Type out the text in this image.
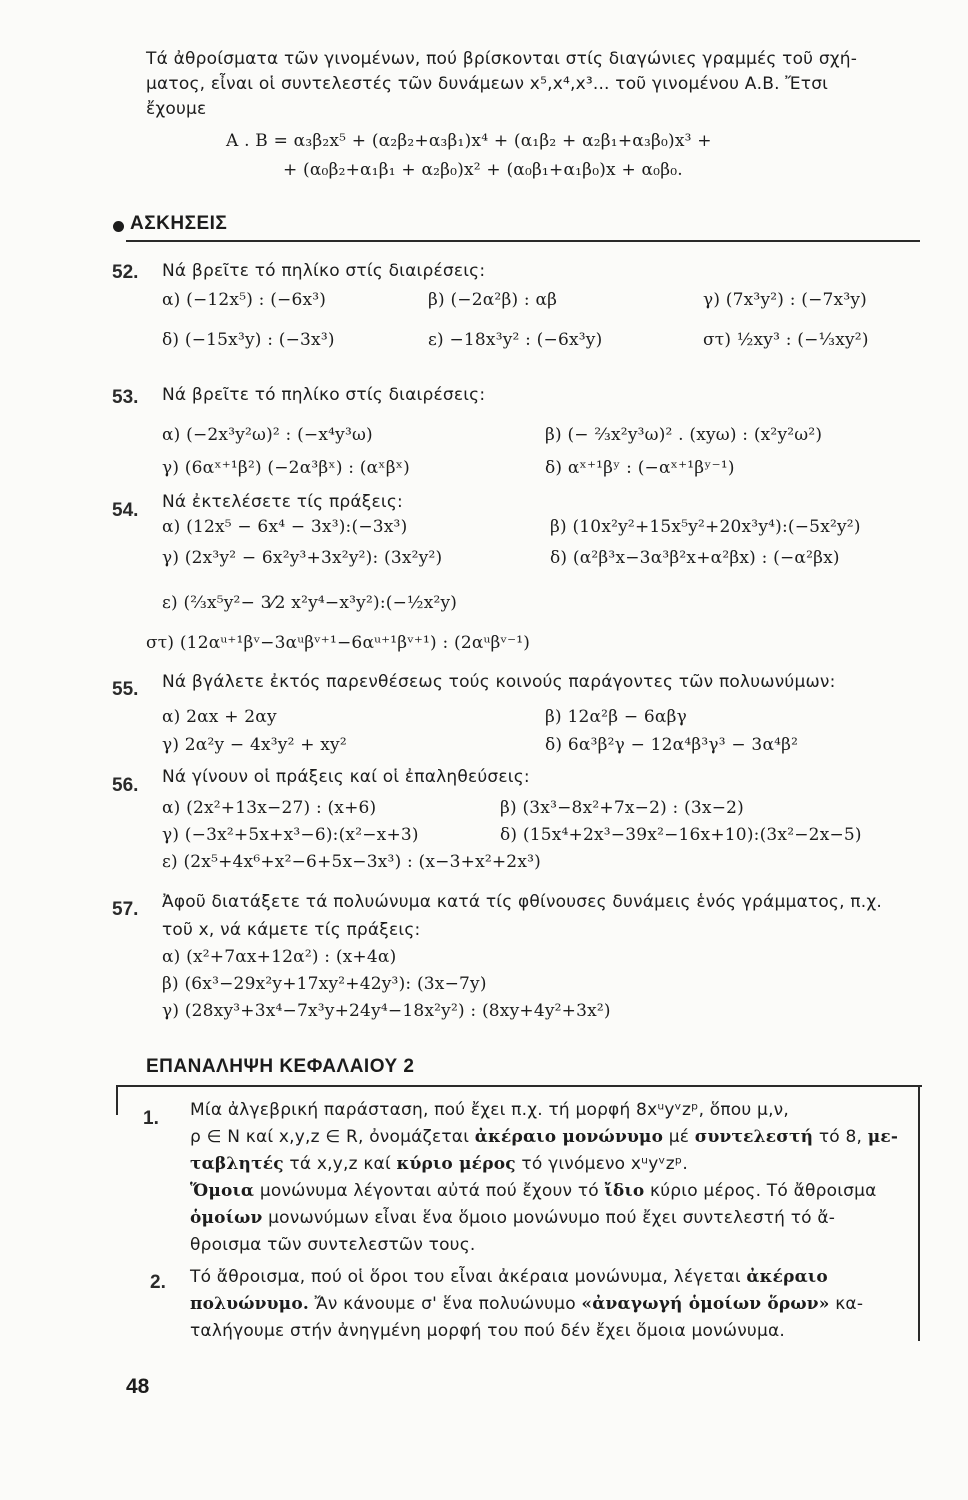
Τά ἀθροίσματα τῶν γινομένων, πού βρίσκονται στίς διαγώνιες γραμμές τοῦ σχή-
ματος, εἶναι οἱ συντελεστές τῶν δυνάμεων x⁵,x⁴,x³... τοῦ γινομένου Α.Β. Ἔτσι
ἔχουμε
Α . Β = α₃β₂x⁵ + (α₂β₂+α₃β₁)x⁴ + (α₁β₂ + α₂β₁+α₃β₀)x³ +
+ (α₀β₂+α₁β₁ + α₂β₀)x² + (α₀β₁+α₁β₀)x + α₀β₀.
ΑΣΚΗΣΕΙΣ
52. Νά βρεῖτε τό πηλίκο στίς διαιρέσεις:
α) (−12x⁵) : (−6x³)	β) (−2α²β) : αβ	γ) (7x³y²) : (−7x³y)
δ) (−15x³y) : (−3x³)	ε) −18x³y² : (−6x³y)	στ) ½xy³ : (−⅓xy²)
53. Νά βρεῖτε τό πηλίκο στίς διαιρέσεις:
α) (−2x³y²ω)² : (−x⁴y³ω)	β) (− ⅔x²y³ω)² . (xyω) : (x²y²ω²)
γ) (6αˣ⁺¹β²) (−2α³βˣ) : (αˣβˣ)	δ) αˣ⁺¹βʸ : (−αˣ⁺¹βʸ⁻¹)
54. Νά ἐκτελέσετε τίς πράξεις:
α) (12x⁵ − 6x⁴ − 3x³):(−3x³)	β) (10x²y²+15x⁵y²+20x³y⁴):(−5x²y²)
γ) (2x³y² − 6x²y³+3x²y²): (3x²y²)	δ) (α²β³x−3α³β²x+α²βx) : (−α²βx)
ε) (⅔x⁵y²− 3⁄2 x²y⁴−x³y²):(−½x²y)
στ) (12αᵘ⁺¹βᵛ−3αᵘβᵛ⁺¹−6αᵘ⁺¹βᵛ⁺¹) : (2αᵘβᵛ⁻¹)
55. Νά βγάλετε ἐκτός παρενθέσεως τούς κοινούς παράγοντες τῶν πολυωνύμων:
α) 2αx + 2αy	β) 12α²β − 6αβγ
γ) 2α²y − 4x³y² + xy²	δ) 6α³β²γ − 12α⁴β³γ³ − 3α⁴β²
56. Νά γίνουν οἱ πράξεις καί οἱ ἐπαληθεύσεις:
α) (2x²+13x−27) : (x+6)	β) (3x³−8x²+7x−2) : (3x−2)
γ) (−3x²+5x+x³−6):(x²−x+3)	δ) (15x⁴+2x³−39x²−16x+10):(3x²−2x−5)
ε) (2x⁵+4x⁶+x²−6+5x−3x³) : (x−3+x²+2x³)
57. Ἀφοῦ διατάξετε τά πολυώνυμα κατά τίς φθίνουσες δυνάμεις ἑνός γράμματος, π.χ.
τοῦ x, νά κάμετε τίς πράξεις:
α) (x²+7αx+12α²) : (x+4α)
β) (6x³−29x²y+17xy²+42y³): (3x−7y)
γ) (28xy³+3x⁴−7x³y+24y⁴−18x²y²) : (8xy+4y²+3x²)
ΕΠΑΝΑΛΗΨΗ ΚΕΦΑΛΑΙΟΥ 2
1. Μία ἀλγεβρική παράσταση, πού ἔχει π.χ. τή μορφή 8xᵘyᵛzᵖ, ὅπου μ,ν,
ρ ∈ N καί x,y,z ∈ R, ὀνομάζεται ἀκέραιο μονώνυμο μέ συντελεστή τό 8, με-
ταβλητές τά x,y,z καί κύριο μέρος τό γινόμενο xᵘyᵛzᵖ.
Ὅμοια μονώνυμα λέγονται αὐτά πού ἔχουν τό ἴδιο κύριο μέρος. Τό ἄθροισμα
ὁμοίων μονωνύμων εἶναι ἕνα ὅμοιο μονώνυμο πού ἔχει συντελεστή τό ἄ-
θροισμα τῶν συντελεστῶν τους.
2. Τό ἄθροισμα, πού οἱ ὅροι του εἶναι ἀκέραια μονώνυμα, λέγεται ἀκέραιο
πολυώνυμο. Ἄν κάνουμε σ' ἕνα πολυώνυμο «ἀναγωγή ὁμοίων ὅρων» κα-
ταλήγουμε στήν ἀνηγμένη μορφή του πού δέν ἔχει ὅμοια μονώνυμα.
48
